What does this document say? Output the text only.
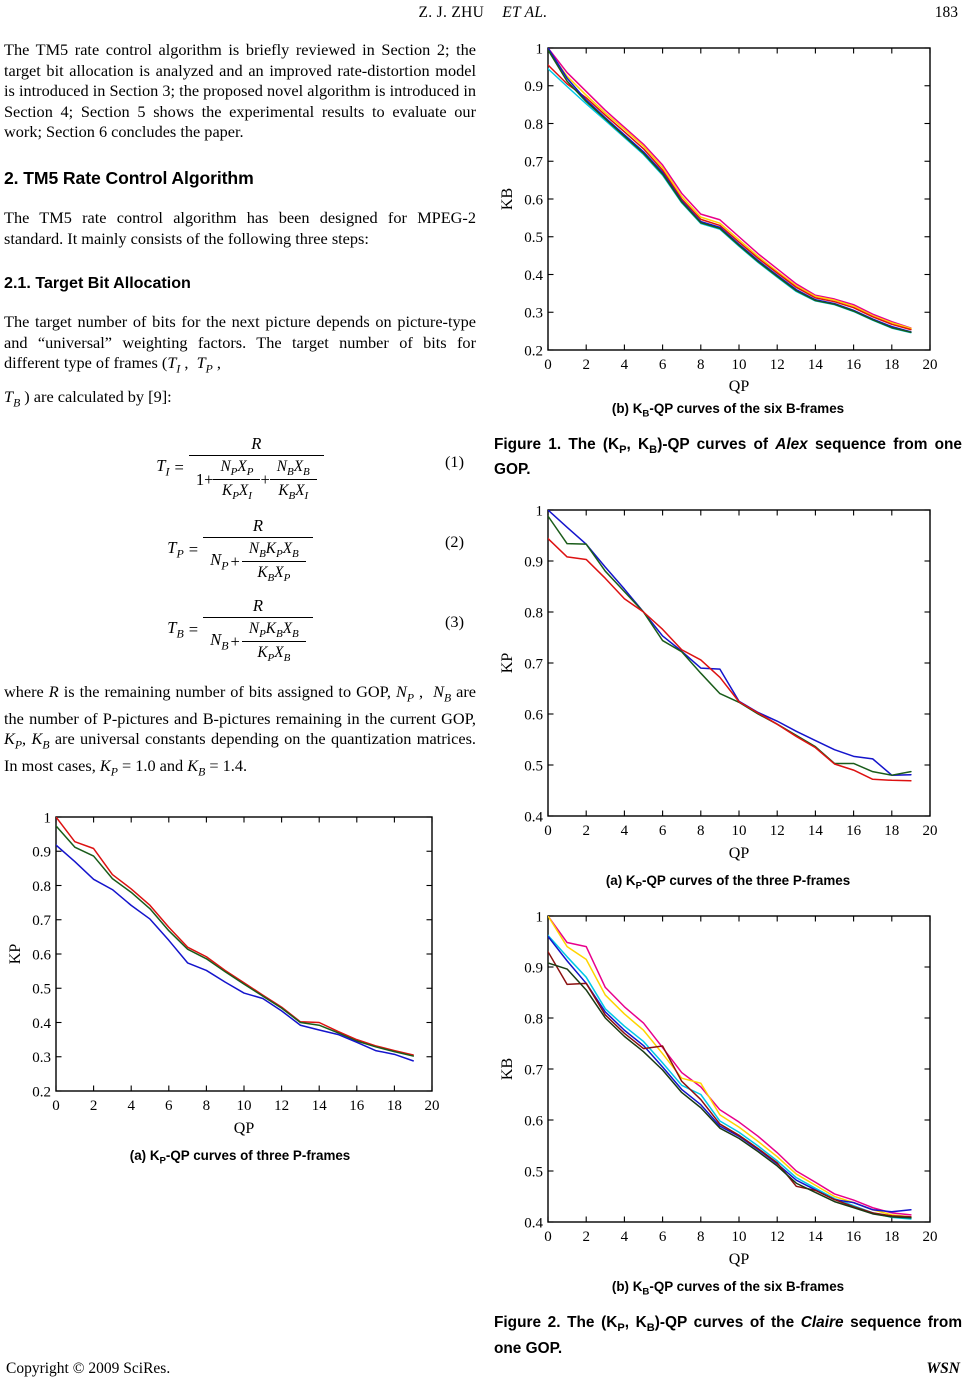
Z. J. ZHU ET AL.	183

The TM5 rate control algorithm is briefly reviewed in Section 2; the target bit allocation is analyzed and an improved rate-distortion model is introduced in Section 3; the proposed novel algorithm is introduced in Section 4; Section 5 shows the experimental results to evaluate our work; Section 6 concludes the paper.

2. TM5 Rate Control Algorithm

The TM5 rate control algorithm has been designed for MPEG-2 standard. It mainly consists of the following three steps:

2.1. Target Bit Allocation

The target number of bits for the next picture depends on picture-type and “universal” weighting factors. The target number of bits for different type of frames ($T_I$ ,  $T_P$ ,

$T_B$ ) are calculated by [9]:

$T_I$ =
R
$1+ \frac{N_PX_P}{K_PX_I} + \frac{N_BX_B}{K_BX_I}$	(1)
$T_P$ =
R
$N_P + \frac{N_BK_PX_B}{K_BX_P}$	(2)
$T_B$ =
R
$N_B + \frac{N_PK_BX_B}{K_PX_B}$	(3)

where R is the remaining number of bits assigned to GOP, $N_P$ ,  $N_B$ are the number of P-pictures and B-pictures remaining in the current GOP, $K_P$, $K_B$ are universal constants depending on the quantization matrices. In most cases, $K_P = 1.0$ and $K_B = 1.4$.

0 2 4 6 8 10 12 14 16 18 20
0.2
0.3
0.4
0.5
0.6
0.7
0.8
0.9
1
QP
KP
(a) $K_P-QP$ curves of three P-frames
0 2 4 6 8 10 12 14 16 18 20
0.2
0.3
0.4
0.5
0.6
0.7
0.8
0.9
1
QP
KB
(b) $K_B-QP$ curves of the six B-frames
Figure 1. The ($K_P$, $K_B)-QP$ curves of Alex sequence from one GOP.
0 2 4 6 8 10 12 14 16 18 20
0.4
0.5
0.6
0.7
0.8
0.9
1
QP
KP
(a) $K_P-QP$ curves of the three P-frames
0 2 4 6 8 10 12 14 16 18 20
0.4
0.5
0.6
0.7
0.8
0.9
1
QP
KB
(b) $K_B-QP$ curves of the six B-frames
Figure 2. The ($K_P$, $K_B)-QP$ curves of the Claire sequence from one GOP.
Copyright © 2009 SciRes.	WSN
